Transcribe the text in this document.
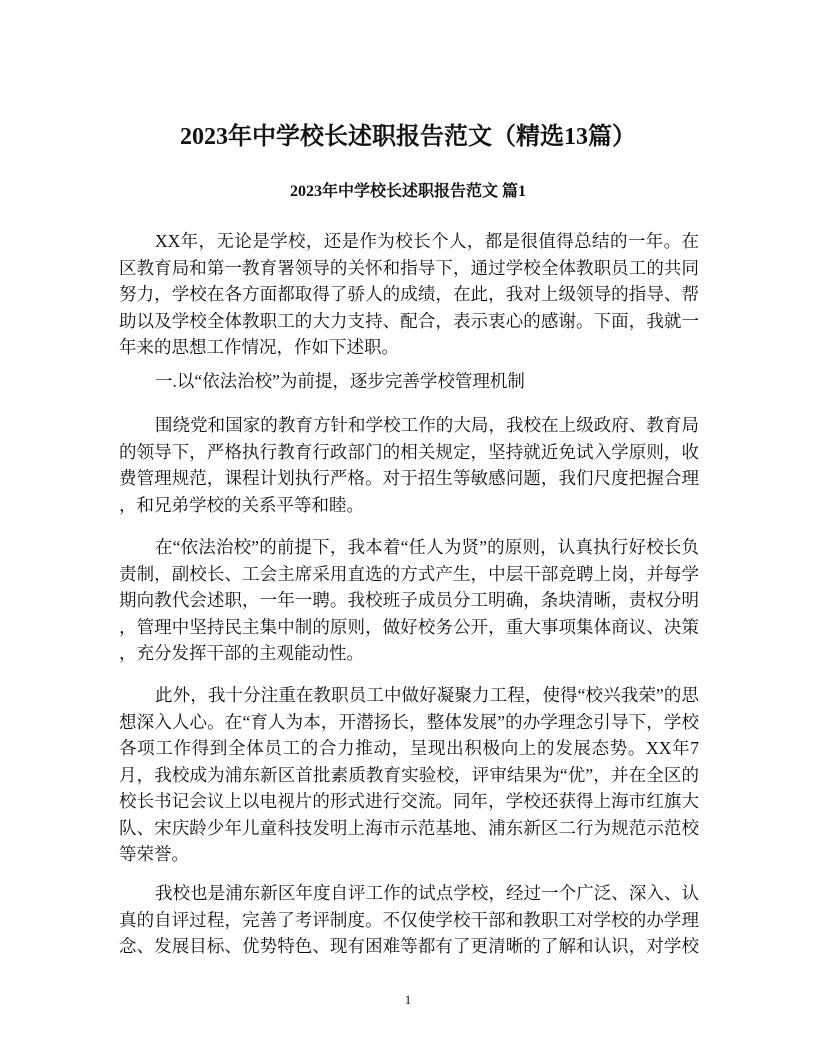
2023年中学校长述职报告范文（精选13篇）
2023年中学校长述职报告范文 篇1
XX年，无论是学校，还是作为校长个人，都是很值得总结的一年。在
区教育局和第一教育署领导的关怀和指导下，通过学校全体教职员工的共同
努力，学校在各方面都取得了骄人的成绩，在此，我对上级领导的指导、帮
助以及学校全体教职工的大力支持、配合，表示衷心的感谢。下面，我就一
年来的思想工作情况，作如下述职。
一.以“依法治校”为前提，逐步完善学校管理机制
围绕党和国家的教育方针和学校工作的大局，我校在上级政府、教育局
的领导下，严格执行教育行政部门的相关规定，坚持就近免试入学原则，收
费管理规范，课程计划执行严格。对于招生等敏感问题，我们尺度把握合理
，和兄弟学校的关系平等和睦。
在“依法治校”的前提下，我本着“任人为贤”的原则，认真执行好校长负
责制，副校长、工会主席采用直选的方式产生，中层干部竞聘上岗，并每学
期向教代会述职，一年一聘。我校班子成员分工明确，条块清晰，责权分明
，管理中坚持民主集中制的原则，做好校务公开，重大事项集体商议、决策
，充分发挥干部的主观能动性。
此外，我十分注重在教职员工中做好凝聚力工程，使得“校兴我荣”的思
想深入人心。在“育人为本，开潜扬长，整体发展”的办学理念引导下，学校
各项工作得到全体员工的合力推动，呈现出积极向上的发展态势。XX年7
月，我校成为浦东新区首批素质教育实验校，评审结果为“优”，并在全区的
校长书记会议上以电视片的形式进行交流。同年，学校还获得上海市红旗大
队、宋庆龄少年儿童科技发明上海市示范基地、浦东新区二行为规范示范校
等荣誉。
我校也是浦东新区年度自评工作的试点学校，经过一个广泛、深入、认
真的自评过程，完善了考评制度。不仅使学校干部和教职工对学校的办学理
念、发展目标、优势特色、现有困难等都有了更清晰的了解和认识，对学校
1
